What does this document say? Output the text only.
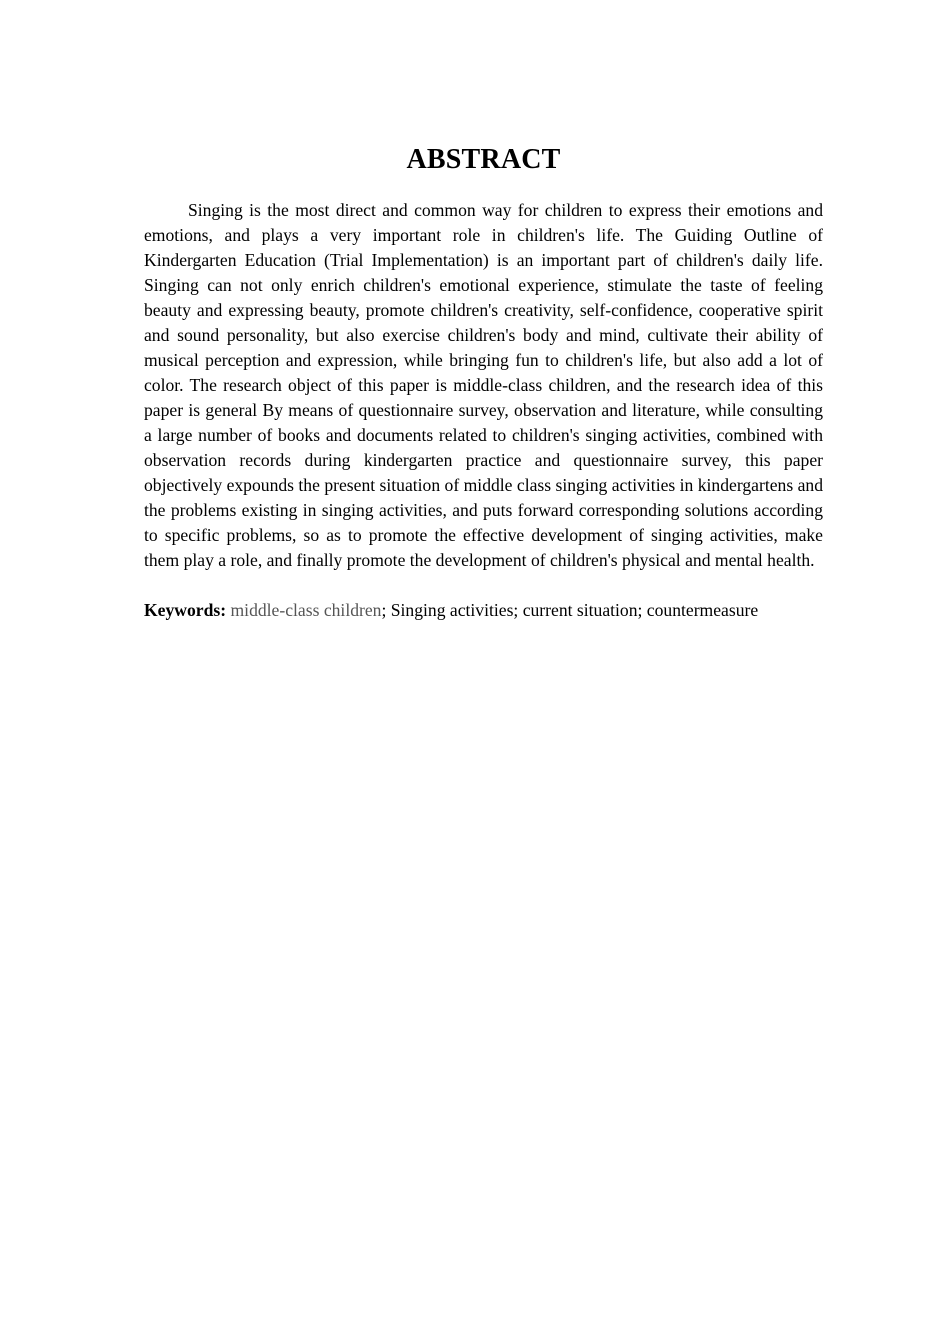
ABSTRACT

Singing is the most direct and common way for children to express their emotions and emotions, and plays a very important role in children's life. The Guiding Outline of Kindergarten Education (Trial Implementation) is an important part of children's daily life. Singing can not only enrich children's emotional experience, stimulate the taste of feeling beauty and expressing beauty, promote children's creativity, self-confidence, cooperative spirit and sound personality, but also exercise children's body and mind, cultivate their ability of musical perception and expression, while bringing fun to children's life, but also add a lot of color. The research object of this paper is middle-class children, and the research idea of this paper is general By means of questionnaire survey, observation and literature, while consulting a large number of books and documents related to children's singing activities, combined with observation records during kindergarten practice and questionnaire survey, this paper objectively expounds the present situation of middle class singing activities in kindergartens and the problems existing in singing activities, and puts forward corresponding solutions according to specific problems, so as to promote the effective development of singing activities, make them play a role, and finally promote the development of children's physical and mental health.

Keywords: middle-class children; Singing activities; current situation; countermeasure
